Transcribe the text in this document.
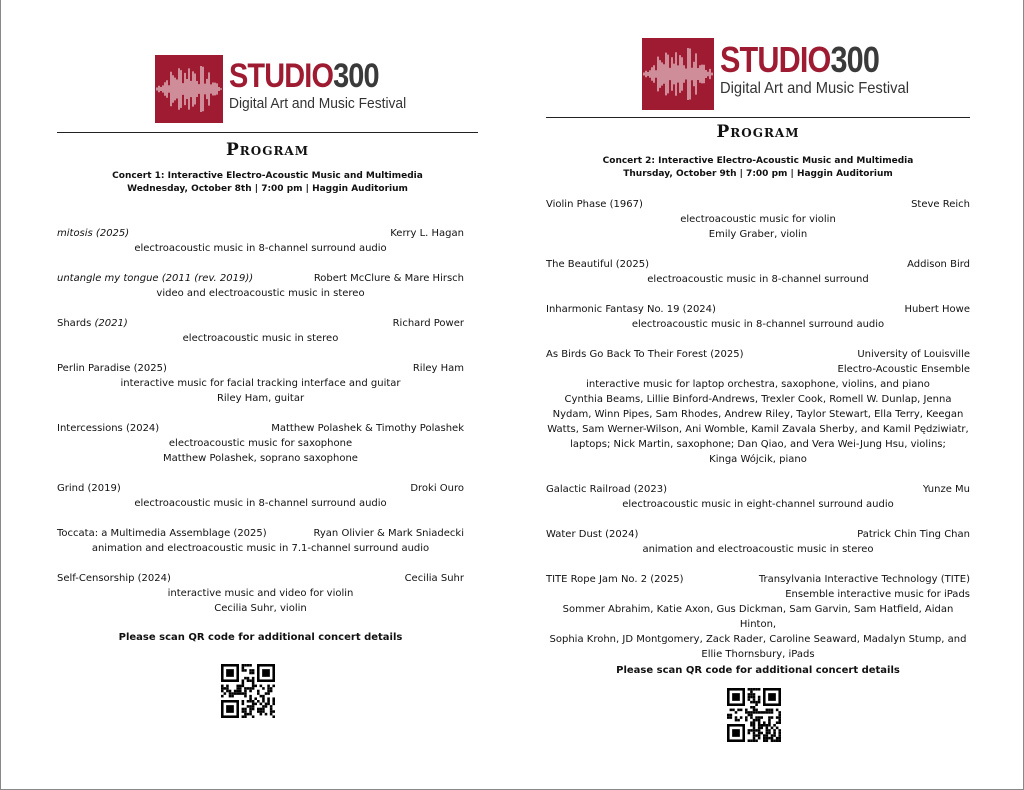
STUDIO300
Digital Art and Music Festival
Program
Concert 1: Interactive Electro-Acoustic Music and Multimedia
Wednesday, October 8th | 7:00 pm | Haggin Auditorium
mitosis (2025)	Kerry L. Hagan
electroacoustic music in 8-channel surround audio
untangle my tongue (2011 (rev. 2019))	Robert McClure & Mare Hirsch
video and electroacoustic music in stereo
Shards (2021)	Richard Power
electroacoustic music in stereo
Perlin Paradise (2025)	Riley Ham
interactive music for facial tracking interface and guitar
Riley Ham, guitar
Intercessions (2024)	Matthew Polashek & Timothy Polashek
electroacoustic music for saxophone
Matthew Polashek, soprano saxophone
Grind (2019)	Droki Ouro
electroacoustic music in 8-channel surround audio
Toccata: a Multimedia Assemblage (2025)	Ryan Olivier & Mark Sniadecki
animation and electroacoustic music in 7.1-channel surround audio
Self-Censorship (2024)	Cecilia Suhr
interactive music and video for violin
Cecilia Suhr, violin
Please scan QR code for additional concert details
STUDIO300
Digital Art and Music Festival
Program
Concert 2: Interactive Electro-Acoustic Music and Multimedia
Thursday, October 9th | 7:00 pm | Haggin Auditorium
Violin Phase (1967)	Steve Reich
electroacoustic music for violin
Emily Graber, violin
The Beautiful (2025)	Addison Bird
electroacoustic music in 8-channel surround
Inharmonic Fantasy No. 19 (2024)	Hubert Howe
electroacoustic music in 8-channel surround audio
As Birds Go Back To Their Forest (2025)	University of Louisville
Electro-Acoustic Ensemble
interactive music for laptop orchestra, saxophone, violins, and piano
Cynthia Beams, Lillie Binford-Andrews, Trexler Cook, Romell W. Dunlap, Jenna
Nydam, Winn Pipes, Sam Rhodes, Andrew Riley, Taylor Stewart, Ella Terry, Keegan
Watts, Sam Werner-Wilson, Ani Womble, Kamil Zavala Sherby, and Kamil Pędziwiatr,
laptops; Nick Martin, saxophone; Dan Qiao, and Vera Wei-Jung Hsu, violins;
Kinga Wójcik, piano
Galactic Railroad (2023)	Yunze Mu
electroacoustic music in eight-channel surround audio
Water Dust (2024)	Patrick Chin Ting Chan
animation and electroacoustic music in stereo
TITE Rope Jam No. 2 (2025)	Transylvania Interactive Technology (TITE)
Ensemble interactive music for iPads
Sommer Abrahim, Katie Axon, Gus Dickman, Sam Garvin, Sam Hatfield, Aidan Hinton,
Sophia Krohn, JD Montgomery, Zack Rader, Caroline Seaward, Madalyn Stump, and
Ellie Thornsbury, iPads
Please scan QR code for additional concert details
